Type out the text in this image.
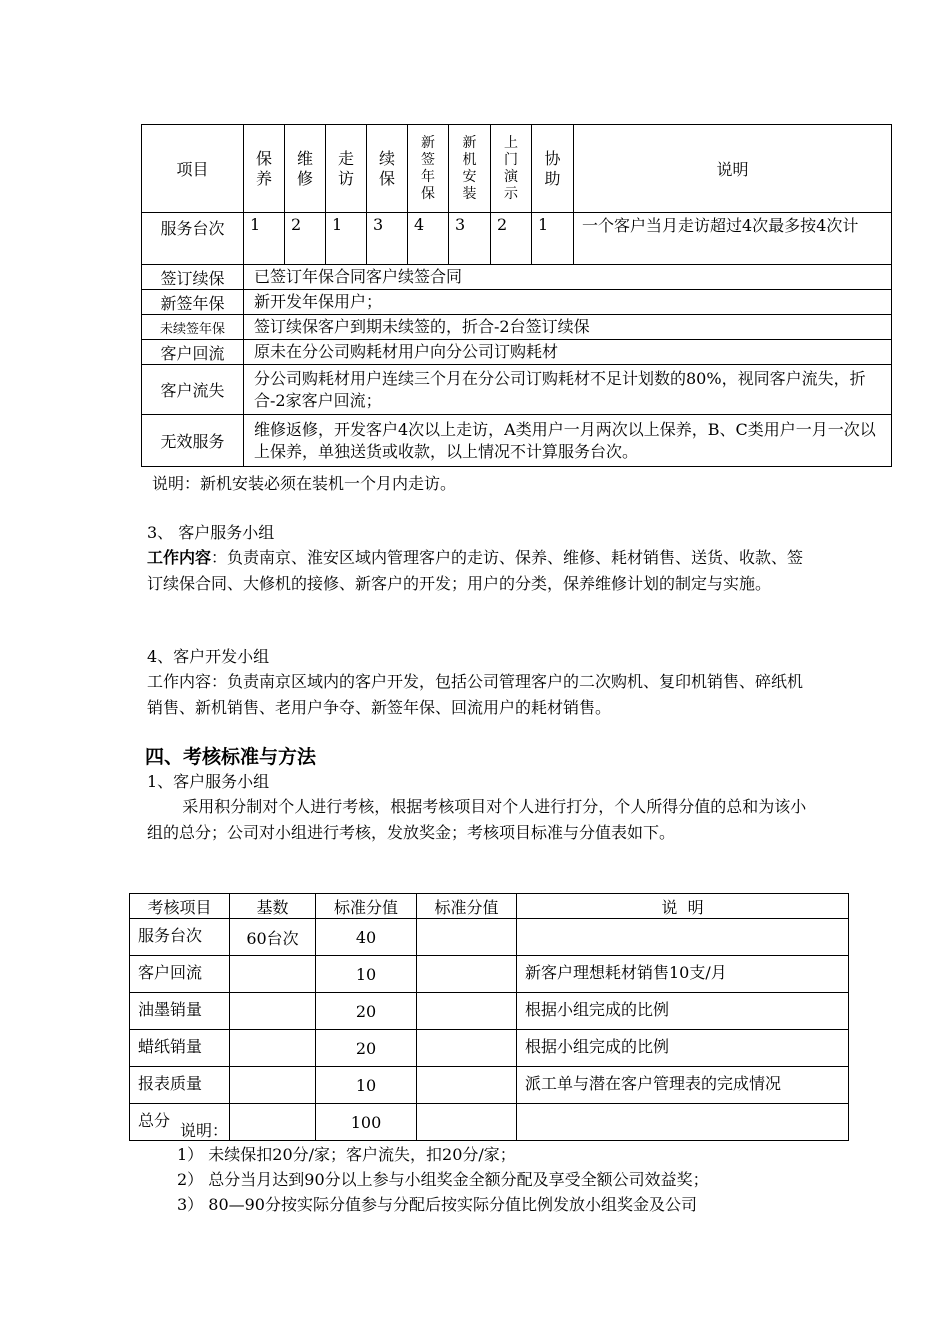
项目	保养	维修	走访	续保	新签年保	新机安装	上门演示	协助	说明
服务台次	1	2	1	3	4	3	2	1	一个客户当月走访超过4次最多按4次计
签订续保	已签订年保合同客户续签合同								
新签年保	新开发年保用户；								
未续签年保	签订续保客户到期未续签的，折合-2台签订续保								
客户回流	原未在分公司购耗材用户向分公司订购耗材								
客户流失	分公司购耗材用户连续三个月在分公司订购耗材不足计划数的80%，视同客户流失，折合-2家客户回流；								
无效服务	维修返修，开发客户4次以上走访，A类用户一月两次以上保养，B、C类用户一月一次以上保养，单独送货或收款，以上情况不计算服务台次。								
说明：新机安装必须在装机一个月内走访。
3、 客户服务小组
工作内容：负责南京、淮安区域内管理客户的走访、保养、维修、耗材销售、送货、收款、签订续保合同、大修机的接修、新客户的开发；用户的分类，保养维修计划的制定与实施。
4、客户开发小组
工作内容：负责南京区域内的客户开发，包括公司管理客户的二次购机、复印机销售、碎纸机销售、新机销售、老用户争夺、新签年保、回流用户的耗材销售。
四、考核标准与方法
1、客户服务小组
采用积分制对个人进行考核，根据考核项目对个人进行打分，个人所得分值的总和为该小组的总分；公司对小组进行考核，发放奖金；考核项目标准与分值表如下。
考核项目	基数	标准分值	标准分值	说  明
服务台次	60台次	40		
客户回流		10		新客户理想耗材销售10支/月
油墨销量		20		根据小组完成的比例
蜡纸销量		20		根据小组完成的比例
报表质量		10		派工单与潜在客户管理表的完成情况
总分		100		
说明：
1） 未续保扣20分/家；客户流失，扣20分/家；
2） 总分当月达到90分以上参与小组奖金全额分配及享受全额公司效益奖；
3） 80—90分按实际分值参与分配后按实际分值比例发放小组奖金及公司
